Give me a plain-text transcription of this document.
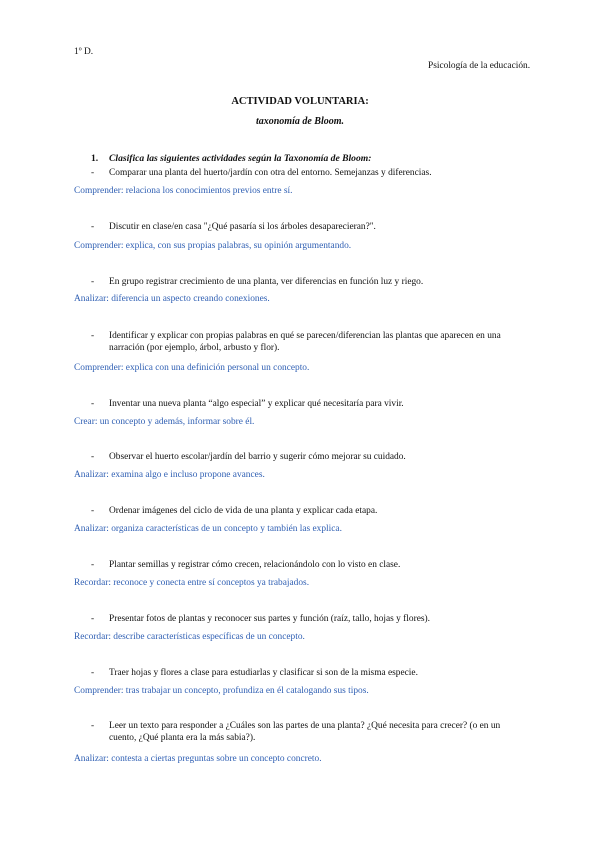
1º D.
Psicología de la educación.
ACTIVIDAD VOLUNTARIA:
taxonomía de Bloom.
1. Clasifica las siguientes actividades según la Taxonomía de Bloom:
- Comparar una planta del huerto/jardín con otra del entorno. Semejanzas y diferencias.
Comprender: relaciona los conocimientos previos entre sí.
- Discutir en clase/en casa "¿Qué pasaría si los árboles desaparecieran?".
Comprender: explica, con sus propias palabras, su opinión argumentando.
- En grupo registrar crecimiento de una planta, ver diferencias en función luz y riego.
Analizar: diferencia un aspecto creando conexiones.
- Identificar y explicar con propias palabras en qué se parecen/diferencian las plantas que aparecen en una narración (por ejemplo, árbol, arbusto y flor).
Comprender: explica con una definición personal un concepto.
- Inventar una nueva planta “algo especial” y explicar qué necesitaría para vivir.
Crear: un concepto y además, informar sobre él.
- Observar el huerto escolar/jardín del barrio y sugerir cómo mejorar su cuidado.
Analizar: examina algo e incluso propone avances.
- Ordenar imágenes del ciclo de vida de una planta y explicar cada etapa.
Analizar: organiza características de un concepto y también las explica.
- Plantar semillas y registrar cómo crecen, relacionándolo con lo visto en clase.
Recordar: reconoce y conecta entre sí conceptos ya trabajados.
- Presentar fotos de plantas y reconocer sus partes y función (raíz, tallo, hojas y flores).
Recordar: describe características específicas de un concepto.
- Traer hojas y flores a clase para estudiarlas y clasificar si son de la misma especie.
Comprender: tras trabajar un concepto, profundiza en él catalogando sus tipos.
- Leer un texto para responder a ¿Cuáles son las partes de una planta? ¿Qué necesita para crecer? (o en un cuento, ¿Qué planta era la más sabia?).
Analizar: contesta a ciertas preguntas sobre un concepto concreto.
